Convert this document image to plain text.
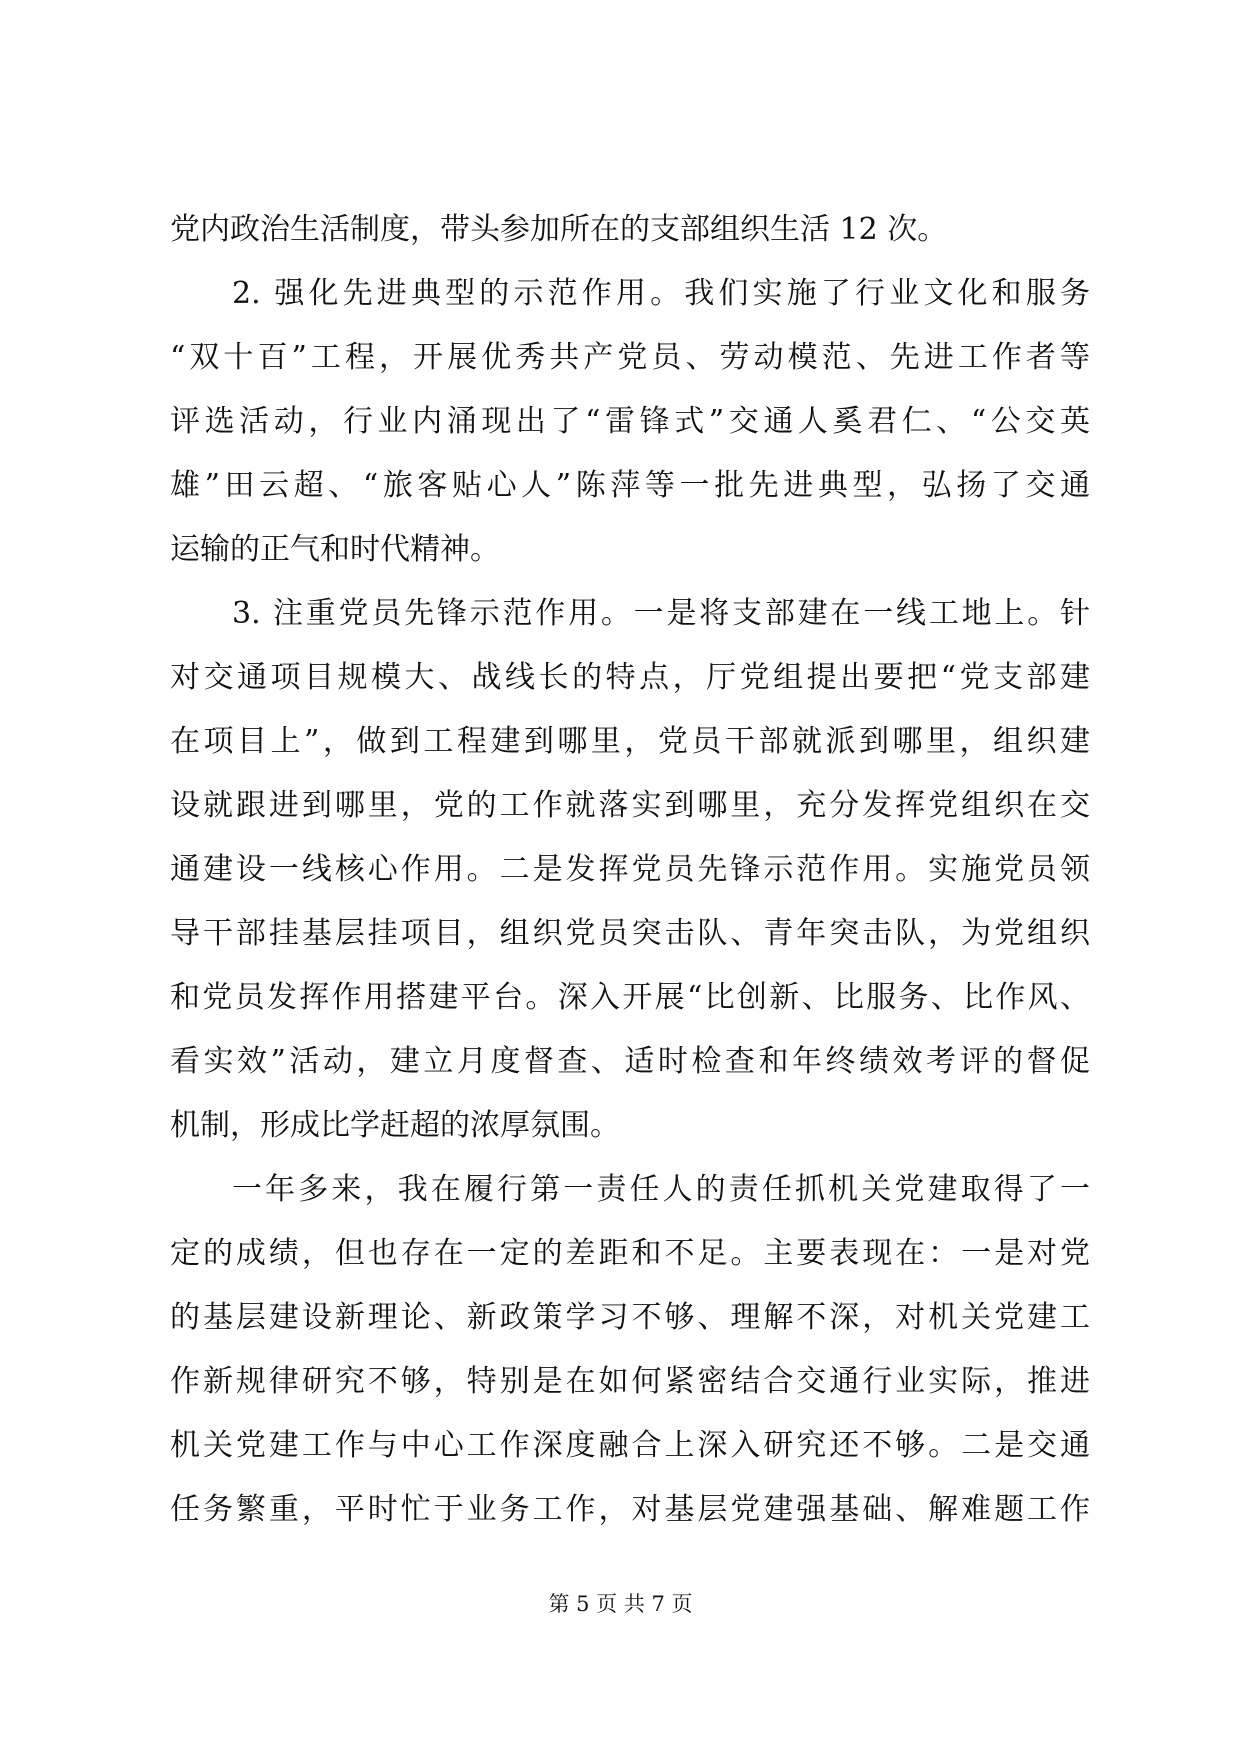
党内政治生活制度，带头参加所在的支部组织生活 12 次。
2. 强化先进典型的示范作用。我们实施了行业文化和服务
“双十百”工程，开展优秀共产党员、劳动模范、先进工作者等
评选活动，行业内涌现出了“雷锋式”交通人奚君仁、“公交英
雄”田云超、“旅客贴心人”陈萍等一批先进典型，弘扬了交通
运输的正气和时代精神。
3. 注重党员先锋示范作用。一是将支部建在一线工地上。针
对交通项目规模大、战线长的特点，厅党组提出要把“党支部建
在项目上”，做到工程建到哪里，党员干部就派到哪里，组织建
设就跟进到哪里，党的工作就落实到哪里，充分发挥党组织在交
通建设一线核心作用。二是发挥党员先锋示范作用。实施党员领
导干部挂基层挂项目，组织党员突击队、青年突击队，为党组织
和党员发挥作用搭建平台。深入开展“比创新、比服务、比作风、
看实效”活动，建立月度督查、适时检查和年终绩效考评的督促
机制，形成比学赶超的浓厚氛围。
一年多来，我在履行第一责任人的责任抓机关党建取得了一
定的成绩，但也存在一定的差距和不足。主要表现在：一是对党
的基层建设新理论、新政策学习不够、理解不深，对机关党建工
作新规律研究不够，特别是在如何紧密结合交通行业实际，推进
机关党建工作与中心工作深度融合上深入研究还不够。二是交通
任务繁重，平时忙于业务工作，对基层党建强基础、解难题工作
第 5 页 共 7 页
